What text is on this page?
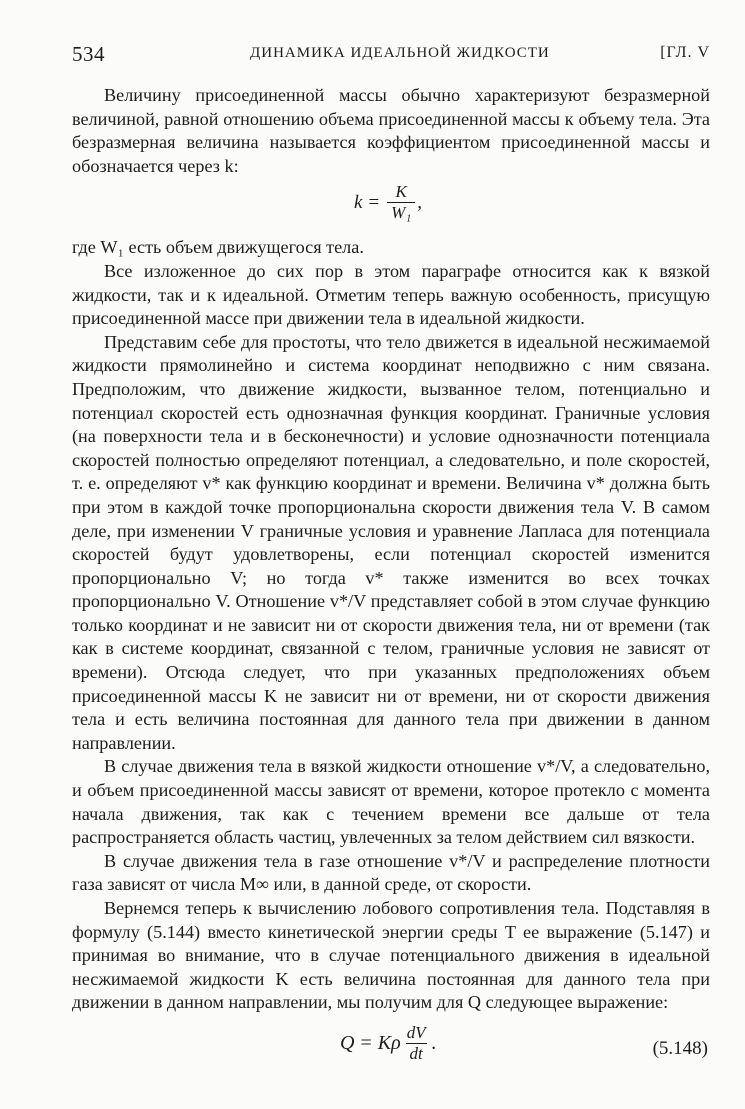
534	ДИНАМИКА ИДЕАЛЬНОЙ ЖИДКОСТИ	[ГЛ. V

Величину присоединенной массы обычно характеризуют безразмерной величиной, равной отношению объема присоединенной массы к объему тела. Эта безразмерная величина называется коэффициентом присоединенной массы и обозначается через k:

$k = \frac{K}{\text{W₁}}$ ,

где W₁ есть объем движущегося тела.

Все изложенное до сих пор в этом параграфе относится как к вязкой жидкости, так и к идеальной. Отметим теперь важную особенность, присущую присоединенной массе при движении тела в идеальной жидкости.

Представим себе для простоты, что тело движется в идеальной несжимаемой жидкости прямолинейно и система координат неподвижно с ним связана. Предположим, что движение жидкости, вызванное телом, потенциально и потенциал скоростей есть однозначная функция координат. Граничные условия (на поверхности тела и в бесконечности) и условие однозначности потенциала скоростей полностью определяют потенциал, а следовательно, и поле скоростей, т. е. определяют v* как функцию координат и времени. Величина v* должна быть при этом в каждой точке пропорциональна скорости движения тела V. В самом деле, при изменении V граничные условия и уравнение Лапласа для потенциала скоростей будут удовлетворены, если потенциал скоростей изменится пропорционально V; но тогда v* также изменится во всех точках пропорционально V. Отношение v*/V представляет собой в этом случае функцию только координат и не зависит ни от скорости движения тела, ни от времени (так как в системе координат, связанной с телом, граничные условия не зависят от времени). Отсюда следует, что при указанных предположениях объем присоединенной массы K не зависит ни от времени, ни от скорости движения тела и есть величина постоянная для данного тела при движении в данном направлении.

В случае движения тела в вязкой жидкости отношение v*/V, а следовательно, и объем присоединенной массы зависят от времени, которое протекло с момента начала движения, так как с течением времени все дальше от тела распространяется область частиц, увлеченных за телом действием сил вязкости.

В случае движения тела в газе отношение v*/V и распределение плотности газа зависят от числа M∞ или, в данной среде, от скорости.

Вернемся теперь к вычислению лобового сопротивления тела. Подставляя в формулу (5.144) вместо кинетической энергии среды T ее выражение (5.147) и принимая во внимание, что в случае потенциального движения в идеальной несжимаемой жидкости K есть величина постоянная для данного тела при движении в данном направлении, мы получим для Q следующее выражение:

Q = Kρ $\frac{dV}{dt}$ .	(5.148)
